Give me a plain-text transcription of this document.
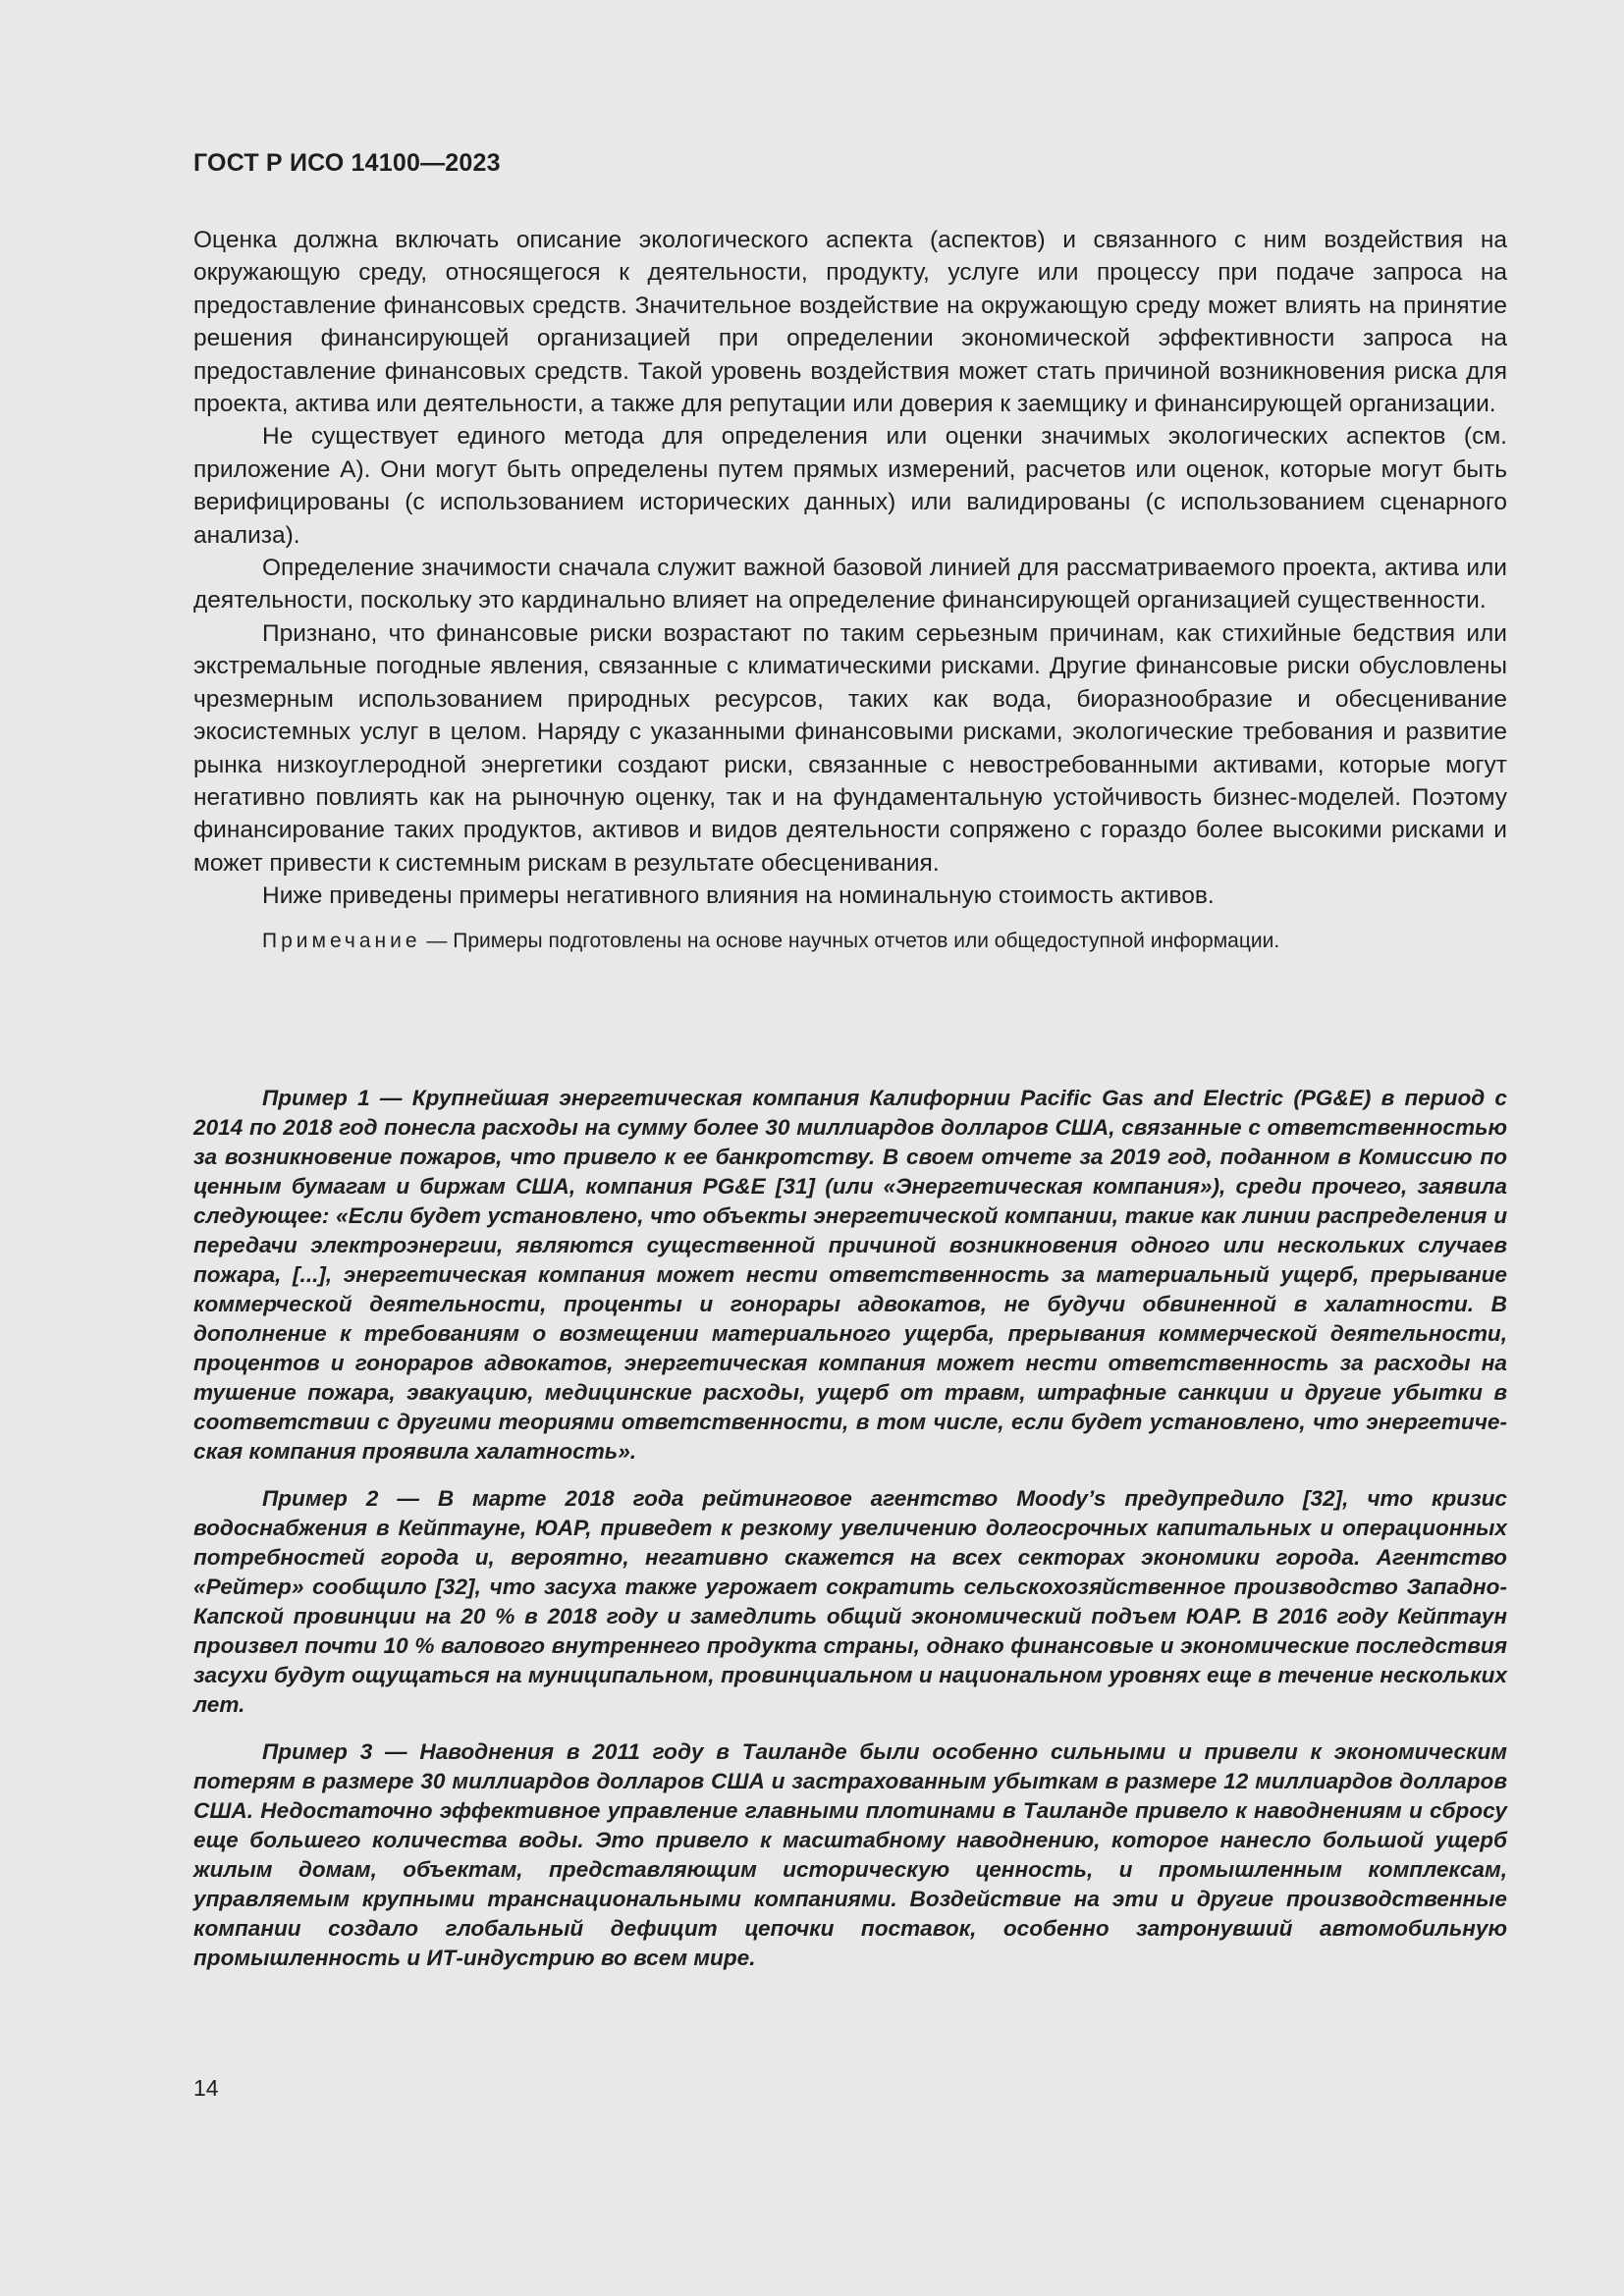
ГОСТ Р ИСО 14100—2023

Оценка должна включать описание экологического аспекта (аспектов) и связанного с ним воздействия на окружающую среду, относящегося к деятельности, продукту, услуге или процессу при подаче запроса на предоставление финансовых средств. Значительное воздействие на окружающую среду может влиять на принятие решения финансирующей организацией при определении экономической эффективности запроса на предоставление финансовых средств. Такой уровень воздействия может стать причиной возникновения риска для проекта, актива или деятельности, а также для репутации или доверия к заемщику и финансирующей организации.

Не существует единого метода для определения или оценки значимых экологических аспектов (см. приложение А). Они могут быть определены путем прямых измерений, расчетов или оценок, которые могут быть верифицированы (с использованием исторических данных) или валидированы (с использованием сценарного анализа).

Определение значимости сначала служит важной базовой линией для рассматриваемого проекта, актива или деятельности, поскольку это кардинально влияет на определение финансирующей организацией существенности.

Признано, что финансовые риски возрастают по таким серьезным причинам, как стихийные бедствия или экстремальные погодные явления, связанные с климатическими рисками. Другие финансовые риски обусловлены чрезмерным использованием природных ресурсов, таких как вода, биоразнообразие и обесценивание экосистемных услуг в целом. Наряду с указанными финансовыми рисками, экологические требования и развитие рынка низкоуглеродной энергетики создают риски, связанные с невостребованными активами, которые могут негативно повлиять как на рыночную оценку, так и на фундаментальную устойчивость бизнес-моделей. Поэтому финансирование таких продуктов, активов и видов деятельности сопряжено с гораздо более высокими рисками и может привести к системным рискам в результате обесценивания.

Ниже приведены примеры негативного влияния на номинальную стоимость активов.

Примечание — Примеры подготовлены на основе научных отчетов или общедоступной информации.

Пример 1 — Крупнейшая энергетическая компания Калифорнии Pacific Gas and Electric (PG&E) в период с 2014 по 2018 год понесла расходы на сумму более 30 миллиардов долларов США, связанные с ответственностью за возникновение пожаров, что привело к ее банкротству. В своем отчете за 2019 год, поданном в Комиссию по ценным бумагам и биржам США, компания PG&E [31] (или «Энергетическая компания»), среди прочего, заявила следующее: «Если будет установлено, что объекты энергетической компании, такие как линии распределения и передачи электроэнергии, являются существенной причиной возникновения одного или нескольких случаев пожара, [...], энергетическая компания может нести ответственность за материальный ущерб, прерывание коммерческой деятельности, проценты и гонорары адвокатов, не будучи обвиненной в халатности. В дополнение к требованиям о возмещении материального ущерба, прерывания коммерческой деятельности, процентов и гонораров адвокатов, энергетическая компания может нести ответственность за расходы на тушение пожара, эвакуацию, медицинские расходы, ущерб от травм, штрафные санкции и другие убытки в соответствии с другими теориями ответственности, в том числе, если будет установлено, что энергетическая компания проявила халатность».

Пример 2 — В марте 2018 года рейтинговое агентство Moody’s предупредило [32], что кризис водоснабжения в Кейптауне, ЮАР, приведет к резкому увеличению долгосрочных капитальных и операционных потребностей города и, вероятно, негативно скажется на всех секторах экономики города. Агентство «Рейтер» сообщило [32], что засуха также угрожает сократить сельскохозяйственное производство Западно-Капской провинции на 20 % в 2018 году и замедлить общий экономический подъем ЮАР. В 2016 году Кейптаун произвел почти 10 % валового внутреннего продукта страны, однако финансовые и экономические последствия засухи будут ощущаться на муниципальном, провинциальном и национальном уровнях еще в течение нескольких лет.

Пример 3 — Наводнения в 2011 году в Таиланде были особенно сильными и привели к экономическим потерям в размере 30 миллиардов долларов США и застрахованным убыткам в размере 12 миллиардов долларов США. Недостаточно эффективное управление главными плотинами в Таиланде привело к наводнениям и сбросу еще большего количества воды. Это привело к масштабному наводнению, которое нанесло большой ущерб жилым домам, объектам, представляющим историческую ценность, и промышленным комплексам, управляемым крупными транснациональными компаниями. Воздействие на эти и другие производственные компании создало глобальный дефицит цепочки поставок, особенно затронувший автомобильную промышленность и ИТ-индустрию во всем мире.

14
